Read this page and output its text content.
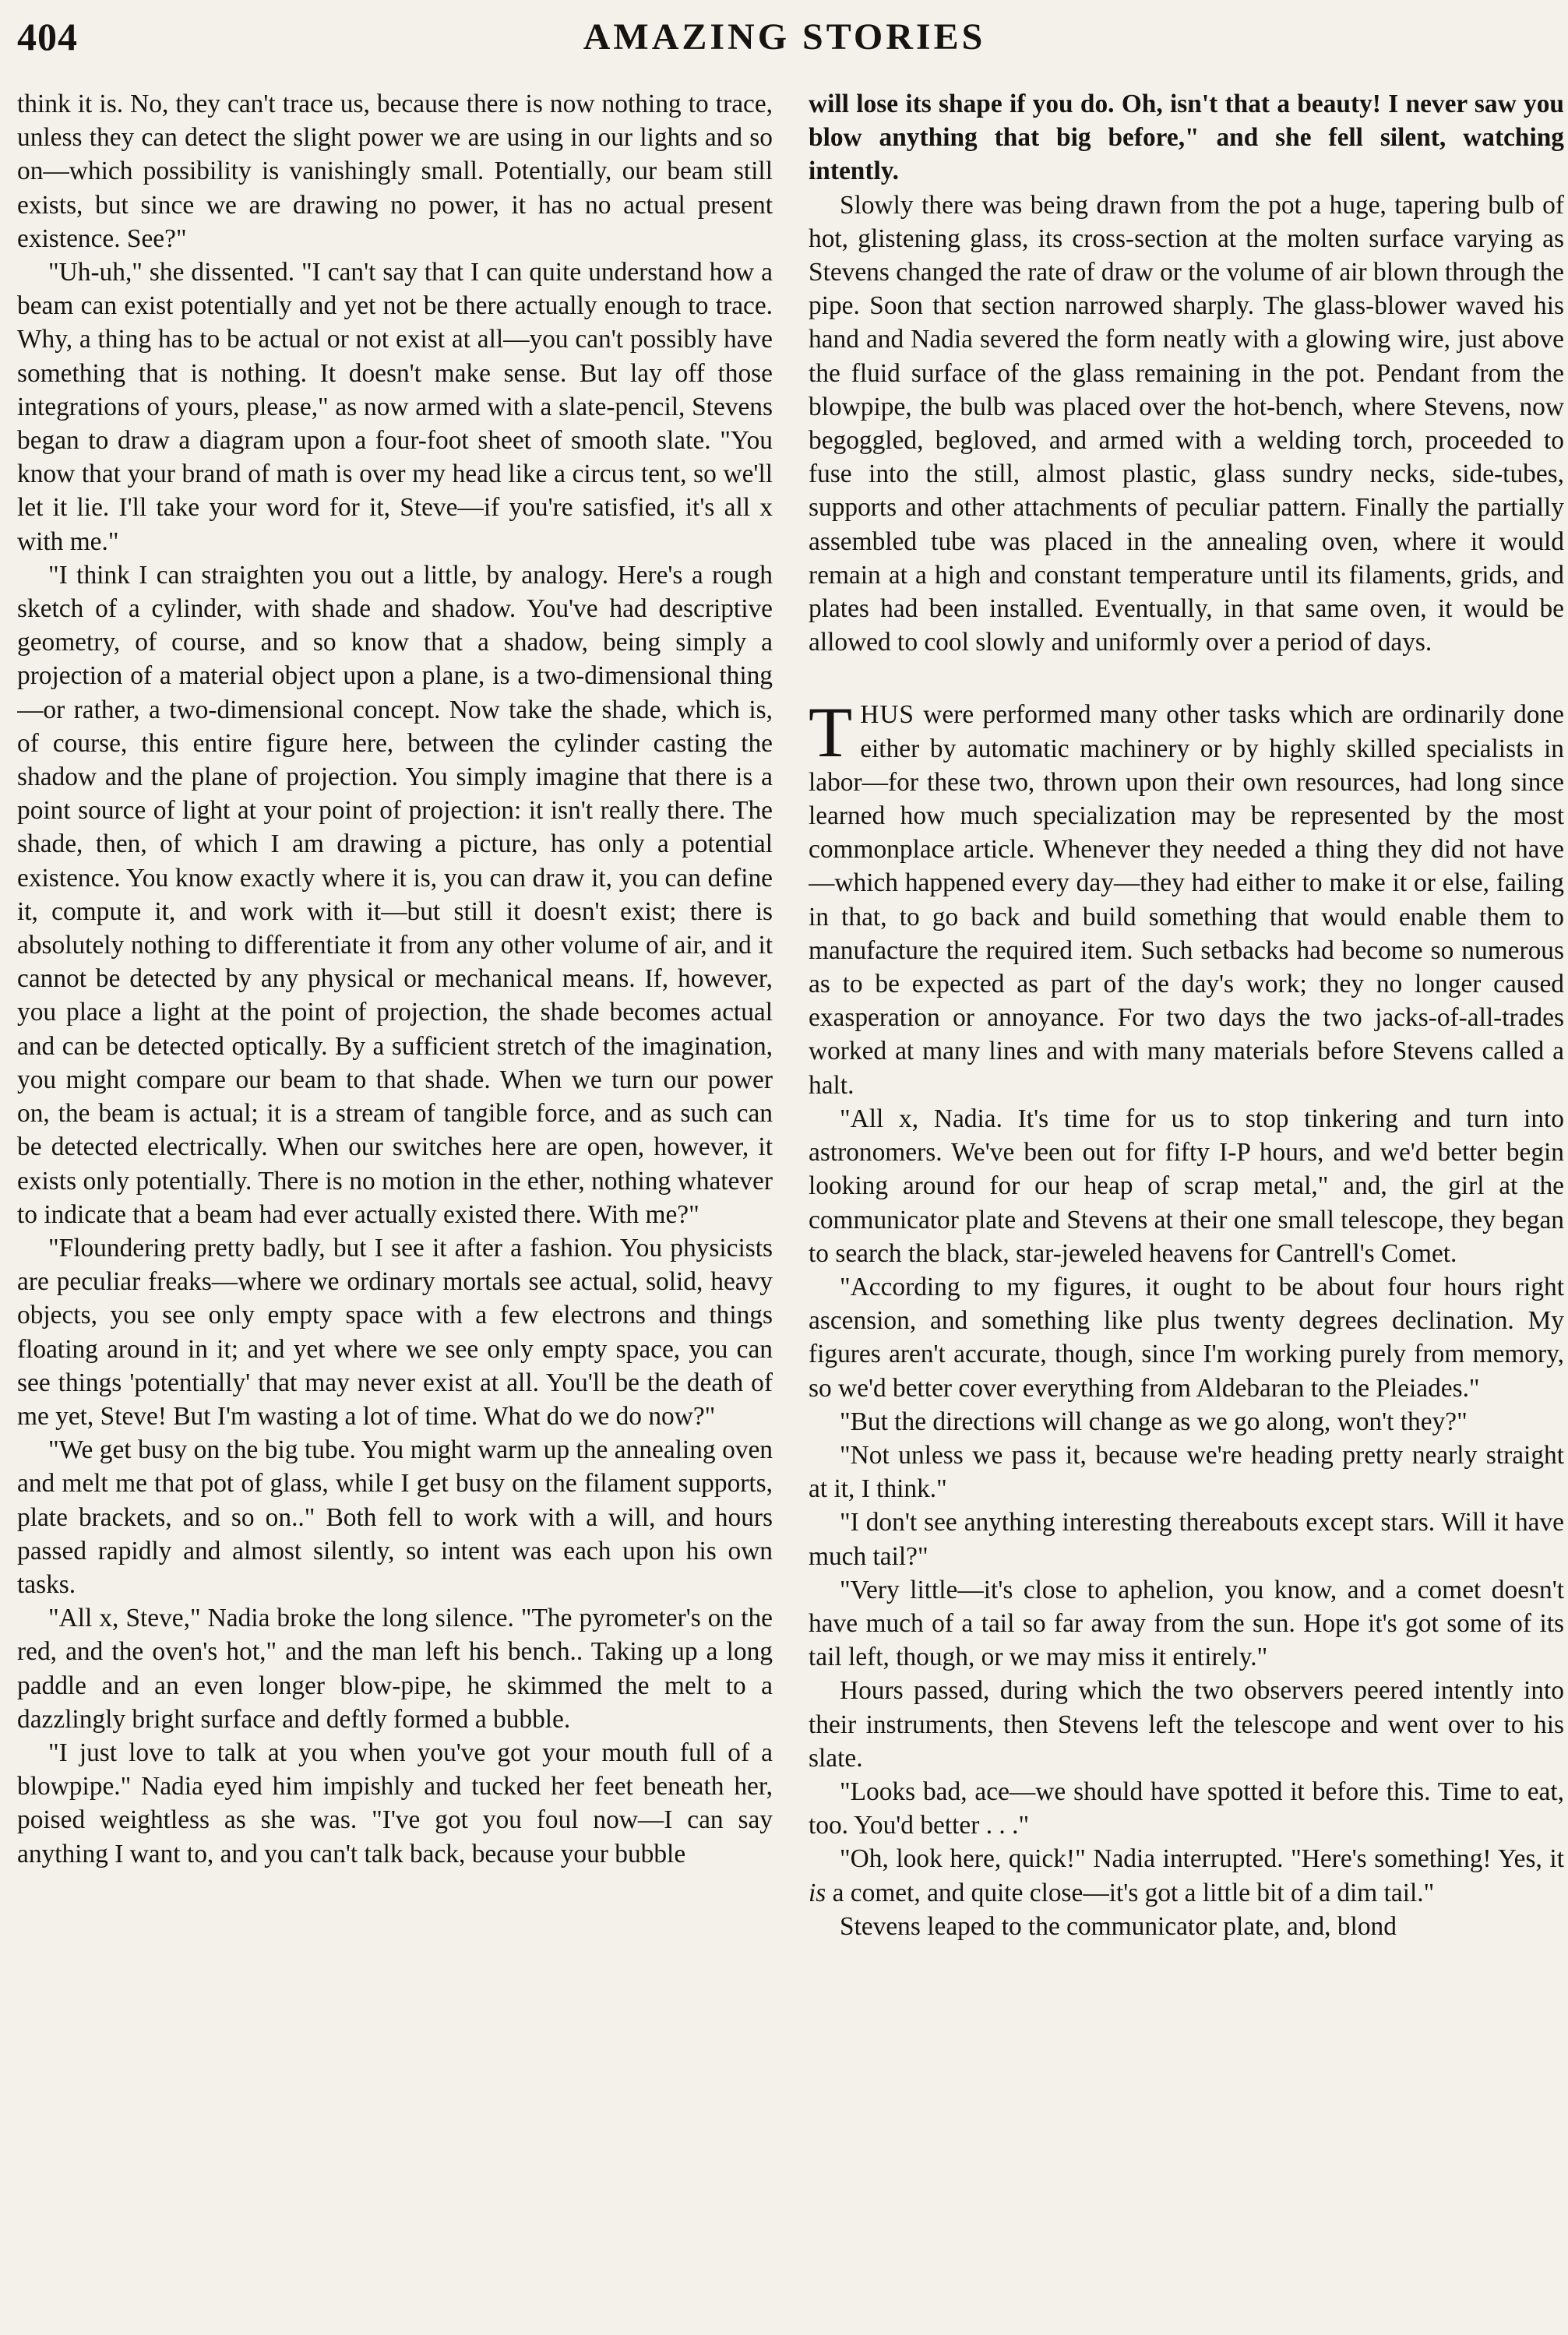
404	AMAZING STORIES

think it is. No, they can't trace us, because there is now nothing to trace, unless they can detect the slight power we are using in our lights and so on—which possibility is vanishingly small. Potentially, our beam still exists, but since we are drawing no power, it has no actual present existence. See?"

"Uh-uh," she dissented. "I can't say that I can quite understand how a beam can exist potentially and yet not be there actually enough to trace. Why, a thing has to be actual or not exist at all—you can't possibly have something that is nothing. It doesn't make sense. But lay off those integrations of yours, please," as now armed with a slate-pencil, Stevens began to draw a diagram upon a four-foot sheet of smooth slate. "You know that your brand of math is over my head like a circus tent, so we'll let it lie. I'll take your word for it, Steve—if you're satisfied, it's all x with me."

"I think I can straighten you out a little, by analogy. Here's a rough sketch of a cylinder, with shade and shadow. You've had descriptive geometry, of course, and so know that a shadow, being simply a projection of a material object upon a plane, is a two-dimensional thing—or rather, a two-dimensional concept. Now take the shade, which is, of course, this entire figure here, between the cylinder casting the shadow and the plane of projection. You simply imagine that there is a point source of light at your point of projection: it isn't really there. The shade, then, of which I am drawing a picture, has only a potential existence. You know exactly where it is, you can draw it, you can define it, compute it, and work with it—but still it doesn't exist; there is absolutely nothing to differentiate it from any other volume of air, and it cannot be detected by any physical or mechanical means. If, however, you place a light at the point of projection, the shade becomes actual and can be detected optically. By a sufficient stretch of the imagination, you might compare our beam to that shade. When we turn our power on, the beam is actual; it is a stream of tangible force, and as such can be detected electrically. When our switches here are open, however, it exists only potentially. There is no motion in the ether, nothing whatever to indicate that a beam had ever actually existed there. With me?"

"Floundering pretty badly, but I see it after a fashion. You physicists are peculiar freaks—where we ordinary mortals see actual, solid, heavy objects, you see only empty space with a few electrons and things floating around in it; and yet where we see only empty space, you can see things 'potentially' that may never exist at all. You'll be the death of me yet, Steve! But I'm wasting a lot of time. What do we do now?"

"We get busy on the big tube. You might warm up the annealing oven and melt me that pot of glass, while I get busy on the filament supports, plate brackets, and so on.." Both fell to work with a will, and hours passed rapidly and almost silently, so intent was each upon his own tasks.

"All x, Steve," Nadia broke the long silence. "The pyrometer's on the red, and the oven's hot," and the man left his bench.. Taking up a long paddle and an even longer blow-pipe, he skimmed the melt to a dazzlingly bright surface and deftly formed a bubble.

"I just love to talk at you when you've got your mouth full of a blowpipe." Nadia eyed him impishly and tucked her feet beneath her, poised weightless as she was. "I've got you foul now—I can say anything I want to, and you can't talk back, because your bubble

will lose its shape if you do. Oh, isn't that a beauty! I never saw you blow anything that big before," and she fell silent, watching intently.

Slowly there was being drawn from the pot a huge, tapering bulb of hot, glistening glass, its cross-section at the molten surface varying as Stevens changed the rate of draw or the volume of air blown through the pipe. Soon that section narrowed sharply. The glass-blower waved his hand and Nadia severed the form neatly with a glowing wire, just above the fluid surface of the glass remaining in the pot. Pendant from the blowpipe, the bulb was placed over the hot-bench, where Stevens, now begoggled, begloved, and armed with a welding torch, proceeded to fuse into the still, almost plastic, glass sundry necks, side-tubes, supports and other attachments of peculiar pattern. Finally the partially assembled tube was placed in the annealing oven, where it would remain at a high and constant temperature until its filaments, grids, and plates had been installed. Eventually, in that same oven, it would be allowed to cool slowly and uniformly over a period of days.

THUS were performed many other tasks which are ordinarily done either by automatic machinery or by highly skilled specialists in labor—for these two, thrown upon their own resources, had long since learned how much specialization may be represented by the most commonplace article. Whenever they needed a thing they did not have—which happened every day—they had either to make it or else, failing in that, to go back and build something that would enable them to manufacture the required item. Such setbacks had become so numerous as to be expected as part of the day's work; they no longer caused exasperation or annoyance. For two days the two jacks-of-all-trades worked at many lines and with many materials before Stevens called a halt.

"All x, Nadia. It's time for us to stop tinkering and turn into astronomers. We've been out for fifty I-P hours, and we'd better begin looking around for our heap of scrap metal," and, the girl at the communicator plate and Stevens at their one small telescope, they began to search the black, star-jeweled heavens for Cantrell's Comet.

"According to my figures, it ought to be about four hours right ascension, and something like plus twenty degrees declination. My figures aren't accurate, though, since I'm working purely from memory, so we'd better cover everything from Aldebaran to the Pleiades."

"But the directions will change as we go along, won't they?"

"Not unless we pass it, because we're heading pretty nearly straight at it, I think."

"I don't see anything interesting thereabouts except stars. Will it have much tail?"

"Very little—it's close to aphelion, you know, and a comet doesn't have much of a tail so far away from the sun. Hope it's got some of its tail left, though, or we may miss it entirely."

Hours passed, during which the two observers peered intently into their instruments, then Stevens left the telescope and went over to his slate.

"Looks bad, ace—we should have spotted it before this. Time to eat, too. You'd better . . ."

"Oh, look here, quick!" Nadia interrupted. "Here's something! Yes, it is a comet, and quite close—it's got a little bit of a dim tail."

Stevens leaped to the communicator plate, and, blond
